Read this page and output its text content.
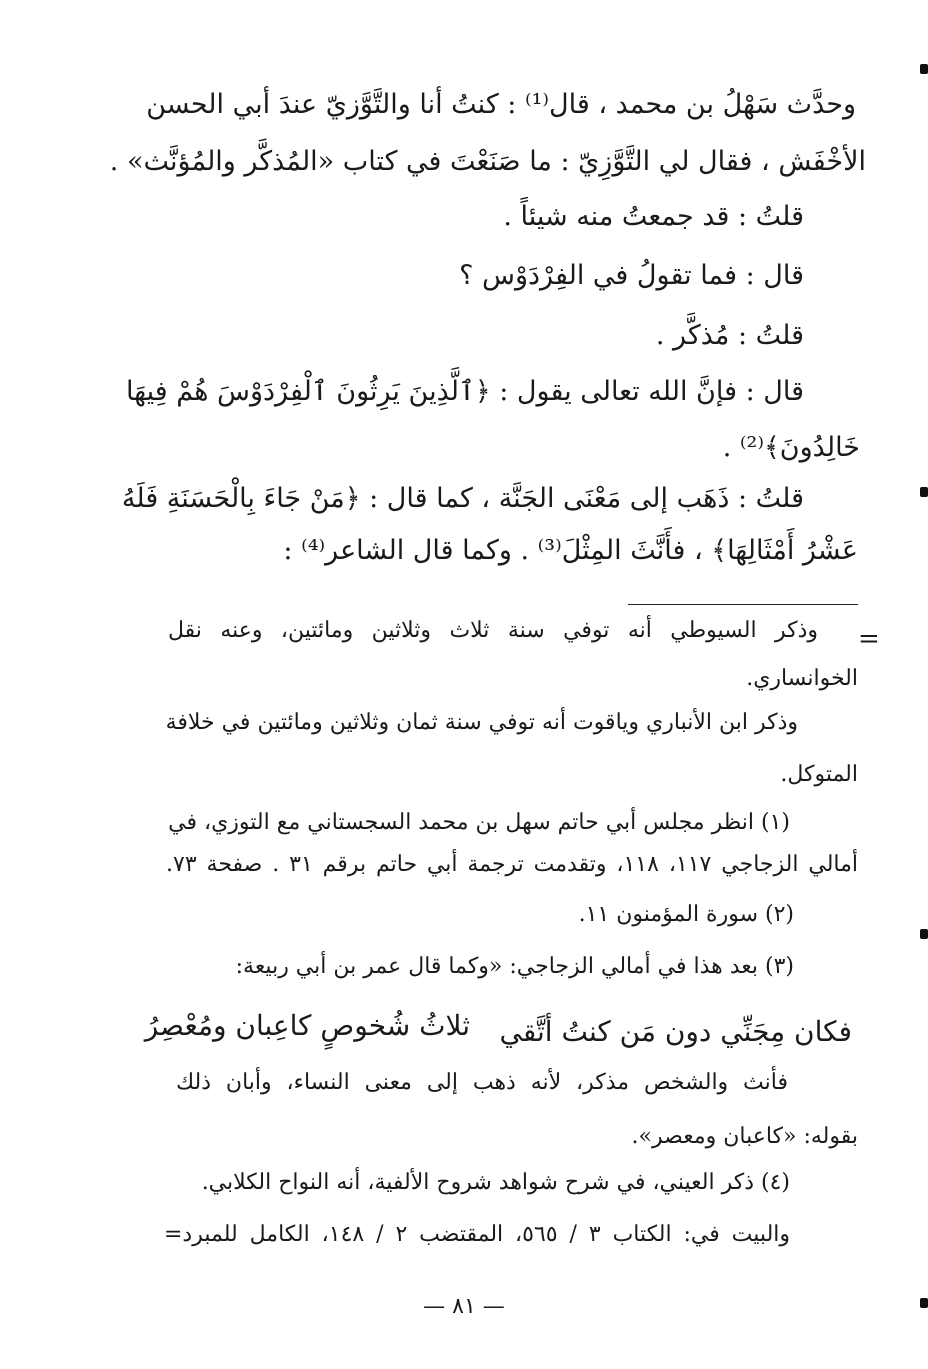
وحدَّث سَهْلُ بن محمد ، قال⁽¹⁾ : كنتُ أنا والتَّوَّزيّ عندَ أبي الحسن
الأخْفَش ، فقال لي التَّوَّزِيّ : ما صَنَعْتَ في كتاب «المُذكَّر والمُؤنَّث» .
قلتُ : قد جمعتُ منه شيئاً .
قال : فما تقولُ في الفِرْدَوْس ؟
قلتُ : مُذكَّر .
قال : فإنَّ الله تعالى يقول : ﴿ٱلَّذِينَ يَرِثُونَ ٱلْفِرْدَوْسَ هُمْ فِيهَا
خَالِدُونَ﴾⁽²⁾ .
قلتُ : ذَهَب إلى مَعْنَى الجَنَّة ، كما قال : ﴿مَنْ جَاءَ بِالْحَسَنَةِ فَلَهُ
عَشْرُ أَمْثَالِهَا﴾ ، فأَنَّثَ المِثْلَ⁽³⁾ . وكما قال الشاعر⁽⁴⁾ :
=
وذكر السيوطي أنه توفي سنة ثلاث وثلاثين ومائتين، وعنه نقل
الخوانساري.
وذكر ابن الأنباري وياقوت أنه توفي سنة ثمان وثلاثين ومائتين في خلافة
المتوكل.
(١) انظر مجلس أبي حاتم سهل بن محمد السجستاني مع التوزي، في
أمالي الزجاجي ١١٧، ١١٨، وتقدمت ترجمة أبي حاتم برقم ٣١ . صفحة ٧٣.
(٢) سورة المؤمنون ١١.
(٣) بعد هذا في أمالي الزجاجي: «وكما قال عمر بن أبي ربيعة:
فكان مِجَنِّي دون مَن كنتُ أتَّقي
ثلاثُ شُخوصٍ كاعِبان ومُعْصِرُ
فأنث والشخص مذكر، لأنه ذهب إلى معنى النساء، وأبان ذلك
بقوله: «كاعبان ومعصر».
(٤) ذكر العيني، في شرح شواهد شروح الألفية، أنه النواح الكلابي.
والبيت في: الكتاب ٣ / ٥٦٥، المقتضب ٢ / ١٤٨، الكامل للمبرد=
— ٨١ —
